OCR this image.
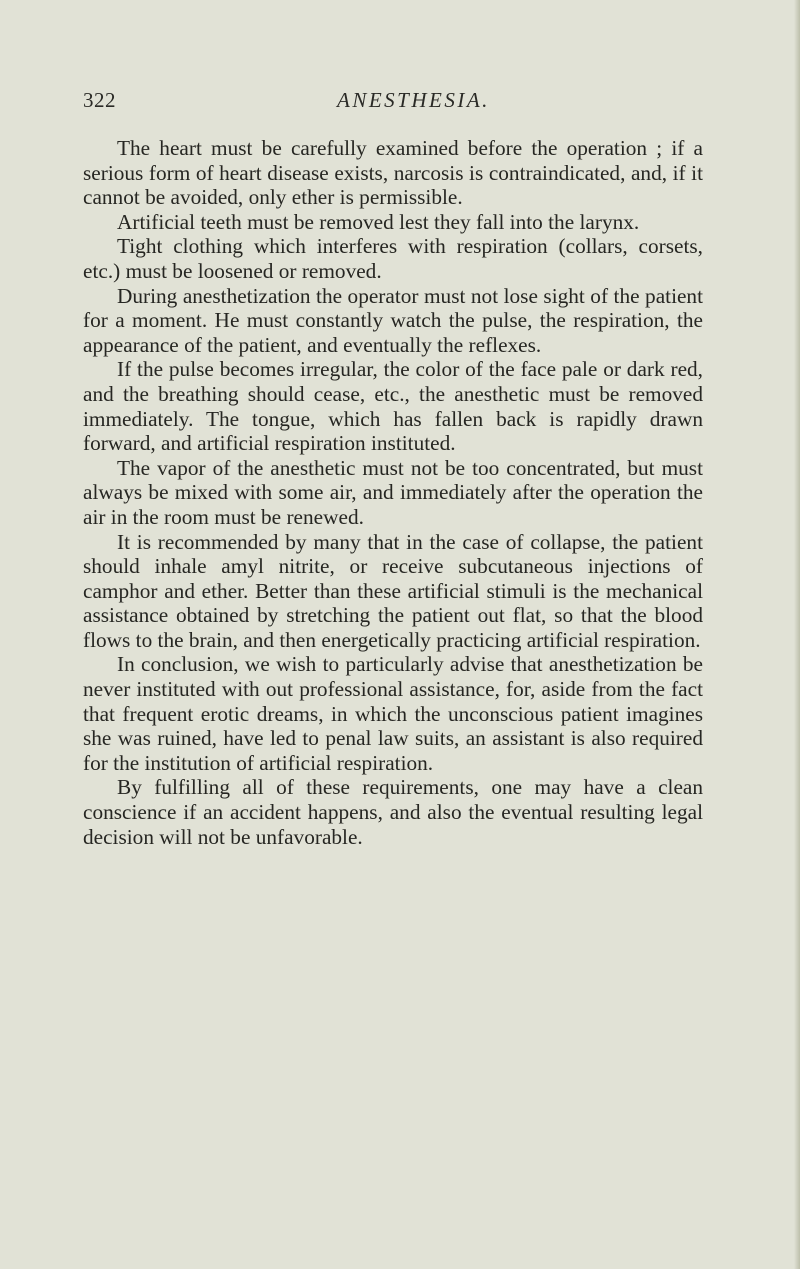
322	ANESTHESIA.

The heart must be carefully examined before the operation ; if a serious form of heart disease exists, narcosis is contraindicated, and, if it cannot be avoided, only ether is permissible.

Artificial teeth must be removed lest they fall into the larynx.

Tight clothing which interferes with respiration (collars, corsets, etc.) must be loosened or removed.

During anesthetization the operator must not lose sight of the patient for a moment. He must constantly watch the pulse, the respiration, the appearance of the patient, and eventually the reflexes.

If the pulse becomes irregular, the color of the face pale or dark red, and the breathing should cease, etc., the anesthetic must be removed immediately. The tongue, which has fallen back is rapidly drawn forward, and artificial respiration instituted.

The vapor of the anesthetic must not be too concentrated, but must always be mixed with some air, and immediately after the operation the air in the room must be renewed.

It is recommended by many that in the case of collapse, the patient should inhale amyl nitrite, or receive subcutaneous injections of camphor and ether. Better than these artificial stimuli is the mechanical assistance obtained by stretching the patient out flat, so that the blood flows to the brain, and then energetically practicing artificial respiration.

In conclusion, we wish to particularly advise that anesthetization be never instituted with out professional assistance, for, aside from the fact that frequent erotic dreams, in which the unconscious patient imagines she was ruined, have led to penal law suits, an assistant is also required for the institution of artificial respiration.

By fulfilling all of these requirements, one may have a clean conscience if an accident happens, and also the eventual resulting legal decision will not be unfavorable.
